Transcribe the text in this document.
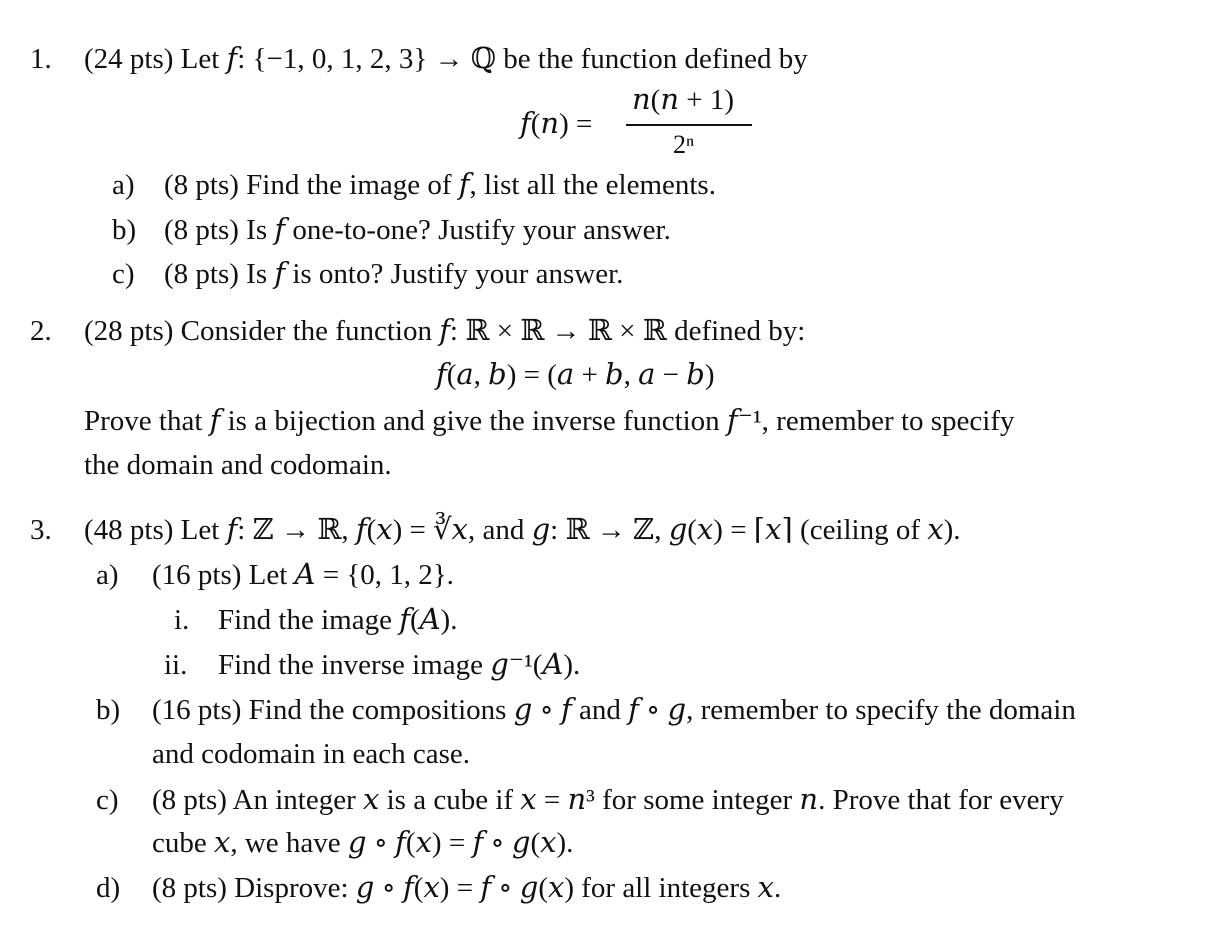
1. (24 pts) Let 𝑓: {−1, 0, 1, 2, 3} → ℚ be the function defined by
𝑓(𝑛) =
𝑛(𝑛 + 1)
2ⁿ
a) (8 pts) Find the image of 𝑓, list all the elements.
b) (8 pts) Is 𝑓 one-to-one? Justify your answer.
c) (8 pts) Is 𝑓 is onto? Justify your answer.
2. (28 pts) Consider the function 𝑓: ℝ × ℝ → ℝ × ℝ defined by:
𝑓(𝑎, 𝑏) = (𝑎 + 𝑏, 𝑎 − 𝑏)
Prove that 𝑓 is a bijection and give the inverse function 𝑓⁻¹, remember to specify
the domain and codomain.
3. (48 pts) Let 𝑓: ℤ → ℝ, 𝑓(𝑥) = ∛𝑥, and 𝑔: ℝ → ℤ, 𝑔(𝑥) = ⌈𝑥⌉ (ceiling of 𝑥).
a) (16 pts) Let 𝐴 = {0, 1, 2}.
i. Find the image 𝑓(𝐴).
ii. Find the inverse image 𝑔⁻¹(𝐴).
b) (16 pts) Find the compositions 𝑔 ∘ 𝑓 and 𝑓 ∘ 𝑔, remember to specify the domain
and codomain in each case.
c) (8 pts) An integer 𝑥 is a cube if 𝑥 = 𝑛³ for some integer 𝑛. Prove that for every
cube 𝑥, we have 𝑔 ∘ 𝑓(𝑥) = 𝑓 ∘ 𝑔(𝑥).
d) (8 pts) Disprove: 𝑔 ∘ 𝑓(𝑥) = 𝑓 ∘ 𝑔(𝑥) for all integers 𝑥.
